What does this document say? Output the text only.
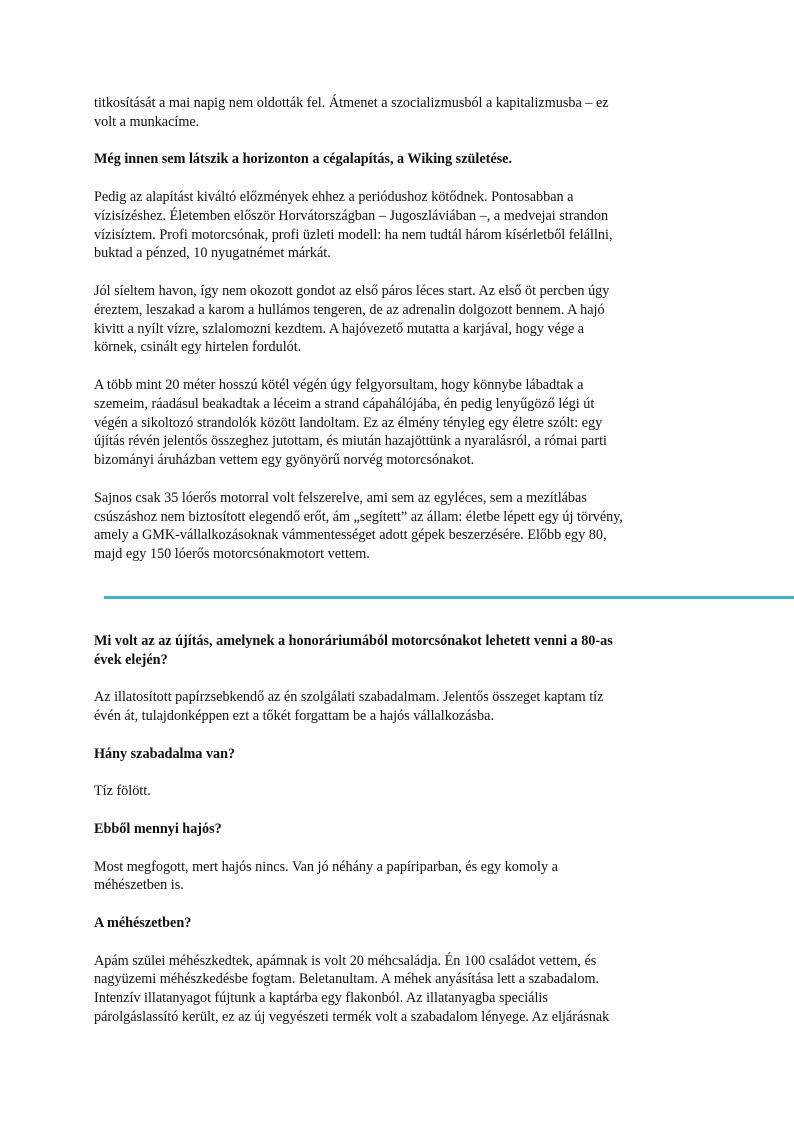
titkosítását a mai napig nem oldották fel. Átmenet a szocializmusból a kapitalizmusba – ez
volt a munkacíme.

Még innen sem látszik a horizonton a cégalapítás, a Wiking születése.

Pedig az alapítást kiváltó előzmények ehhez a periódushoz kötődnek. Pontosabban a
vízisízéshez. Életemben először Horvátországban – Jugoszláviában –, a medvejai strandon
vízisíztem. Profi motorcsónak, profi üzleti modell: ha nem tudtál három kísérletből felállni,
buktad a pénzed, 10 nyugatnémet márkát.

Jól síeltem havon, így nem okozott gondot az első páros léces start. Az első öt percben úgy
éreztem, leszakad a karom a hullámos tengeren, de az adrenalin dolgozott bennem. A hajó
kivitt a nyílt vízre, szlalomozni kezdtem. A hajóvezető mutatta a karjával, hogy vége a
körnek, csinált egy hirtelen fordulót.

A több mint 20 méter hosszú kötél végén úgy felgyorsultam, hogy könnybe lábadtak a
szemeim, ráadásul beakadtak a léceim a strand cápahálójába, én pedig lenyűgöző légi út
végén a sikoltozó strandolók között landoltam. Ez az élmény tényleg egy életre szólt: egy
újítás révén jelentős összeghez jutottam, és miután hazajöttünk a nyaralásról, a római parti
bizományi áruházban vettem egy gyönyörű norvég motorcsónakot.

Sajnos csak 35 lóerős motorral volt felszerelve, ami sem az egyléces, sem a mezítlábas
csúszáshoz nem biztosított elegendő erőt, ám „segített” az állam: életbe lépett egy új törvény,
amely a GMK-vállalkozásoknak vámmentességet adott gépek beszerzésére. Előbb egy 80,
majd egy 150 lóerős motorcsónakmotort vettem.

Mi volt az az újítás, amelynek a honoráriumából motorcsónakot lehetett venni a 80-as
évek elején?

Az illatosított papírzsebkendő az én szolgálati szabadalmam. Jelentős összeget kaptam tíz
évén át, tulajdonképpen ezt a tőkét forgattam be a hajós vállalkozásba.

Hány szabadalma van?

Tíz fölött.

Ebből mennyi hajós?

Most megfogott, mert hajós nincs. Van jó néhány a papíriparban, és egy komoly a
méhészetben is.

A méhészetben?

Apám szülei méhészkedtek, apámnak is volt 20 méhcsaládja. Én 100 családot vettem, és
nagyüzemi méhészkedésbe fogtam. Beletanultam. A méhek anyásítása lett a szabadalom.
Intenzív illatanyagot fújtunk a kaptárba egy flakonból. Az illatanyagba speciális
párolgáslassító került, ez az új vegyészeti termék volt a szabadalom lényege. Az eljárásnak
